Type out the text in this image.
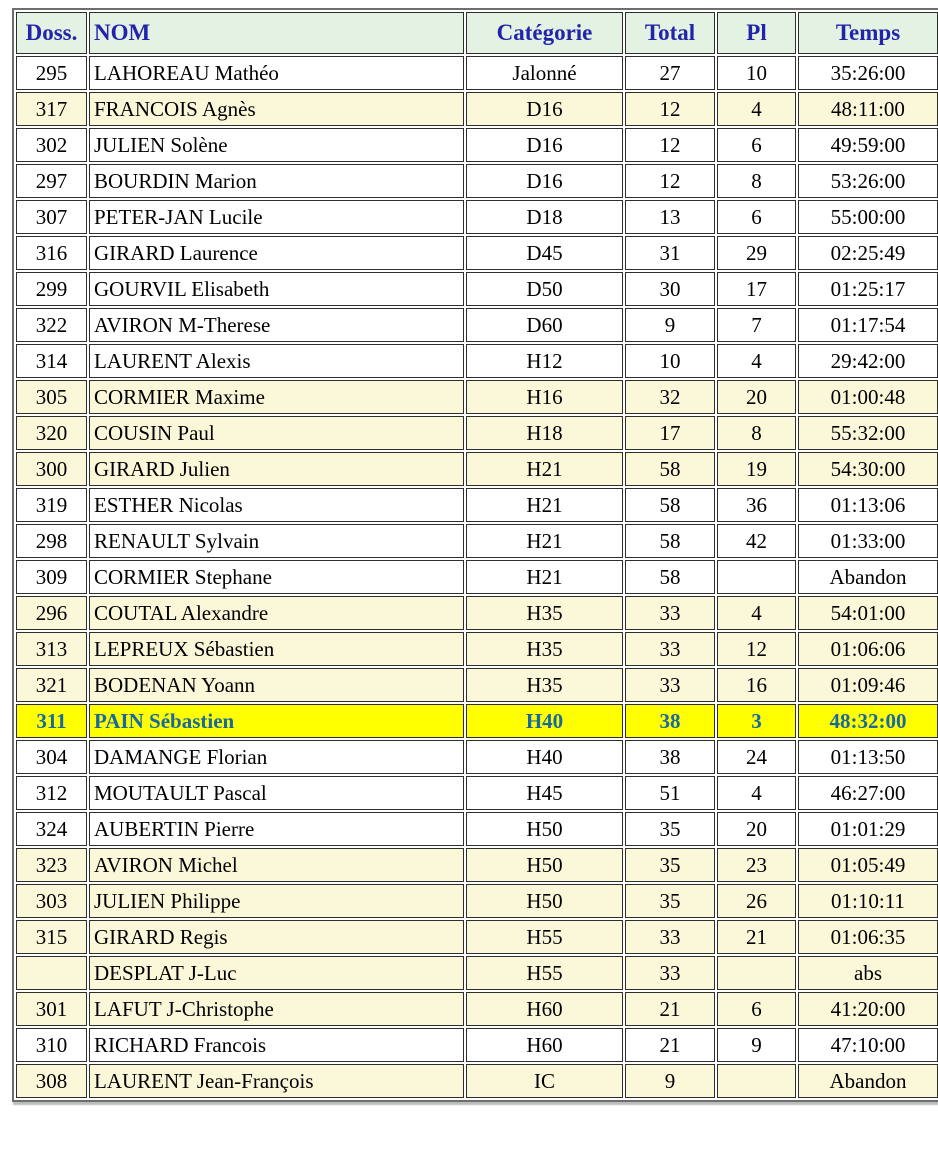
Doss.	NOM	Catégorie	Total	Pl	Temps
295	LAHOREAU Mathéo	Jalonné	27	10	35:26:00
317	FRANCOIS Agnès	D16	12	4	48:11:00
302	JULIEN Solène	D16	12	6	49:59:00
297	BOURDIN Marion	D16	12	8	53:26:00
307	PETER-JAN Lucile	D18	13	6	55:00:00
316	GIRARD Laurence	D45	31	29	02:25:49
299	GOURVIL Elisabeth	D50	30	17	01:25:17
322	AVIRON M-Therese	D60	9	7	01:17:54
314	LAURENT Alexis	H12	10	4	29:42:00
305	CORMIER Maxime	H16	32	20	01:00:48
320	COUSIN Paul	H18	17	8	55:32:00
300	GIRARD Julien	H21	58	19	54:30:00
319	ESTHER Nicolas	H21	58	36	01:13:06
298	RENAULT Sylvain	H21	58	42	01:33:00
309	CORMIER Stephane	H21	58		Abandon
296	COUTAL Alexandre	H35	33	4	54:01:00
313	LEPREUX Sébastien	H35	33	12	01:06:06
321	BODENAN Yoann	H35	33	16	01:09:46
311	PAIN Sébastien	H40	38	3	48:32:00
304	DAMANGE Florian	H40	38	24	01:13:50
312	MOUTAULT Pascal	H45	51	4	46:27:00
324	AUBERTIN Pierre	H50	35	20	01:01:29
323	AVIRON Michel	H50	35	23	01:05:49
303	JULIEN Philippe	H50	35	26	01:10:11
315	GIRARD Regis	H55	33	21	01:06:35
	DESPLAT J-Luc	H55	33		abs
301	LAFUT J-Christophe	H60	21	6	41:20:00
310	RICHARD Francois	H60	21	9	47:10:00
308	LAURENT Jean-François	IC	9		Abandon
